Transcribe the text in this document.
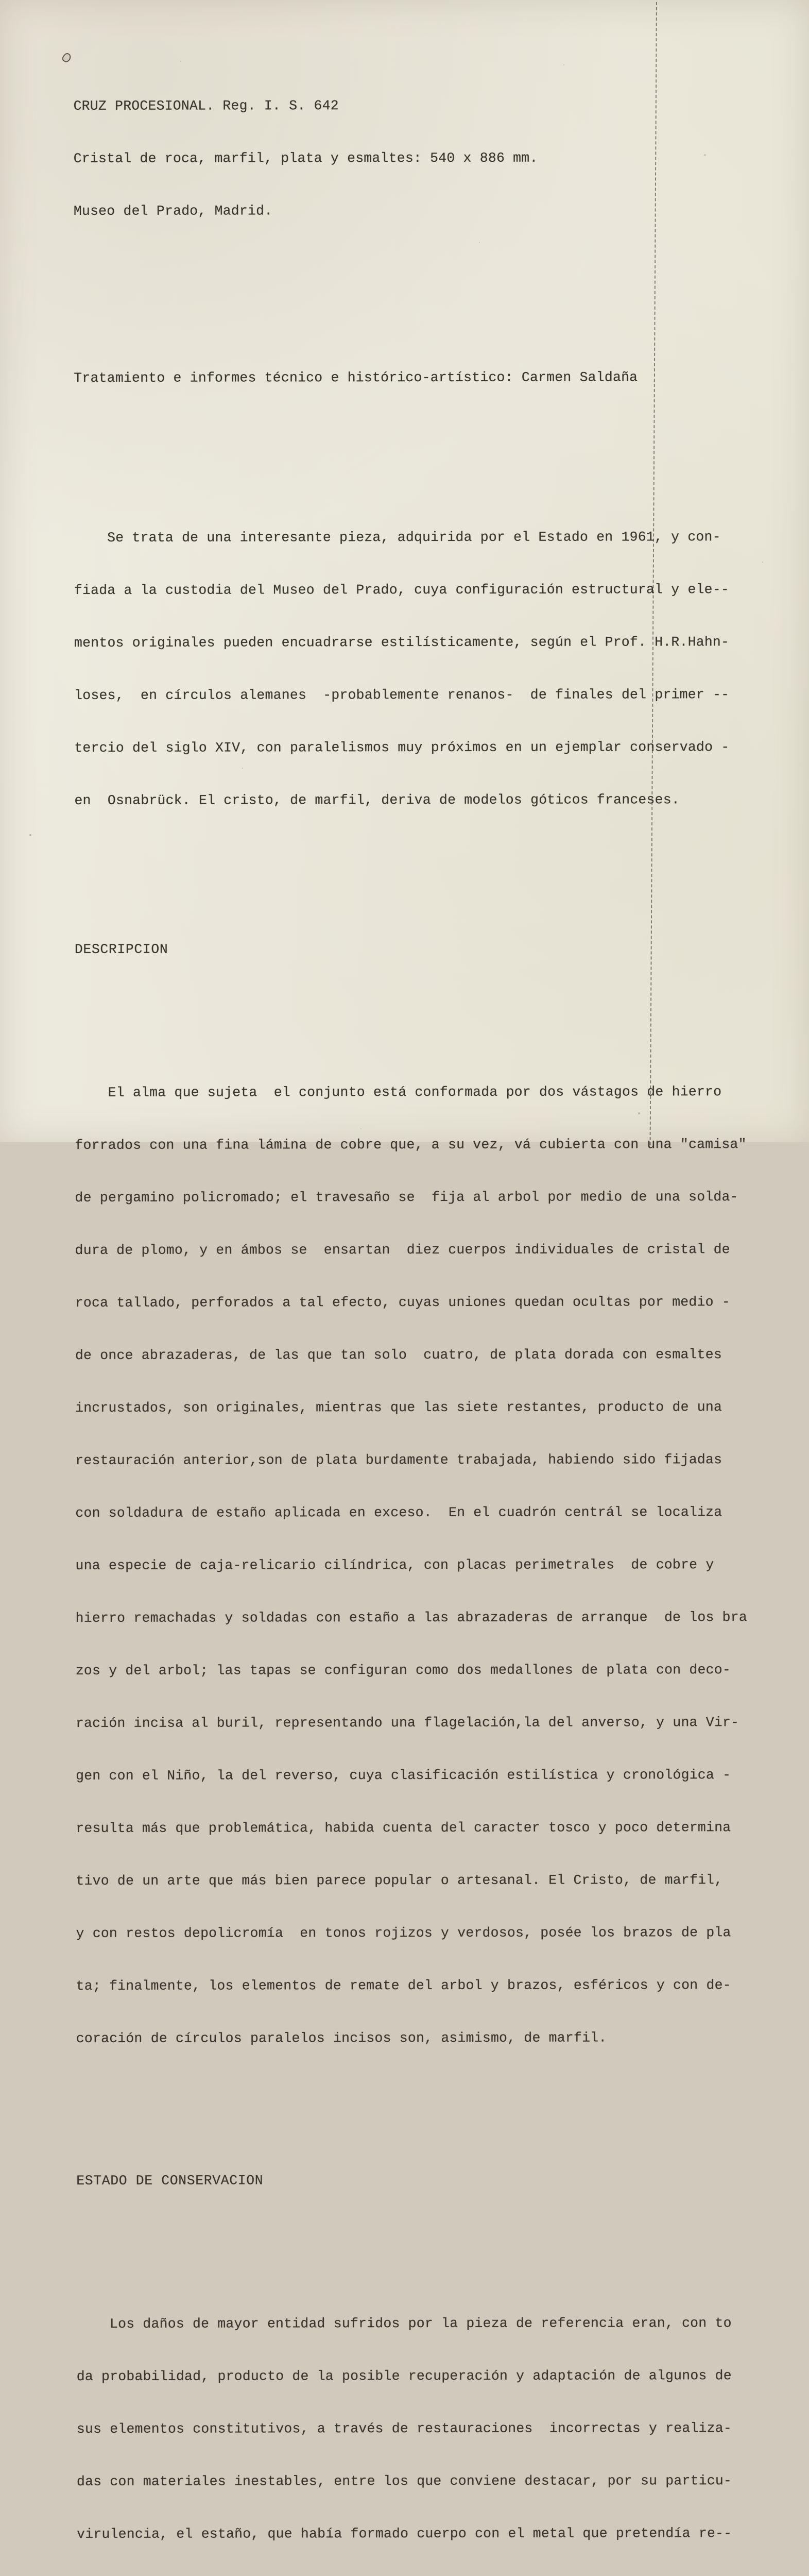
CRUZ PROCESIONAL. Reg. I. S. 642

Cristal de roca, marfil, plata y esmaltes: 540 x 886 mm.

Museo del Prado, Madrid.

Tratamiento e informes técnico e histórico-artístico: Carmen Saldaña

Se trata de una interesante pieza, adquirida por el Estado en 1961, y con-

fiada a la custodia del Museo del Prado, cuya configuración estructural y ele--

mentos originales pueden encuadrarse estilísticamente, según el Prof. H.R.Hahn-

loses,  en círculos alemanes  -probablemente renanos-  de finales del primer --

tercio del siglo XIV, con paralelismos muy próximos en un ejemplar conservado -

en  Osnabrück. El cristo, de marfil, deriva de modelos góticos franceses.

DESCRIPCION

El alma que sujeta  el conjunto está conformada por dos vástagos de hierro

forrados con una fina lámina de cobre que, a su vez, vá cubierta con una "camisa"

de pergamino policromado; el travesaño se  fija al arbol por medio de una solda-

dura de plomo, y en ámbos se  ensartan  diez cuerpos individuales de cristal de

roca tallado, perforados a tal efecto, cuyas uniones quedan ocultas por medio -

de once abrazaderas, de las que tan solo  cuatro, de plata dorada con esmaltes

incrustados, son originales, mientras que las siete restantes, producto de una

restauración anterior,son de plata burdamente trabajada, habiendo sido fijadas

con soldadura de estaño aplicada en exceso.  En el cuadrón centrál se localiza

una especie de caja-relicario cilíndrica, con placas perimetrales  de cobre y

hierro remachadas y soldadas con estaño a las abrazaderas de arranque  de los bra

zos y del arbol; las tapas se configuran como dos medallones de plata con deco-

ración incisa al buril, representando una flagelación,la del anverso, y una Vir-

gen con el Niño, la del reverso, cuya clasificación estilística y cronológica -

resulta más que problemática, habida cuenta del caracter tosco y poco determina

tivo de un arte que más bien parece popular o artesanal. El Cristo, de marfil,

y con restos depolicromía  en tonos rojizos y verdosos, posée los brazos de pla

ta; finalmente, los elementos de remate del arbol y brazos, esféricos y con de-

coración de círculos paralelos incisos son, asimismo, de marfil.

ESTADO DE CONSERVACION

Los daños de mayor entidad sufridos por la pieza de referencia eran, con to

da probabilidad, producto de la posible recuperación y adaptación de algunos de

sus elementos constitutivos, a través de restauraciones  incorrectas y realiza-

das con materiales inestables, entre los que conviene destacar, por su particu-

virulencia, el estaño, que había formado cuerpo con el metal que pretendía re--
